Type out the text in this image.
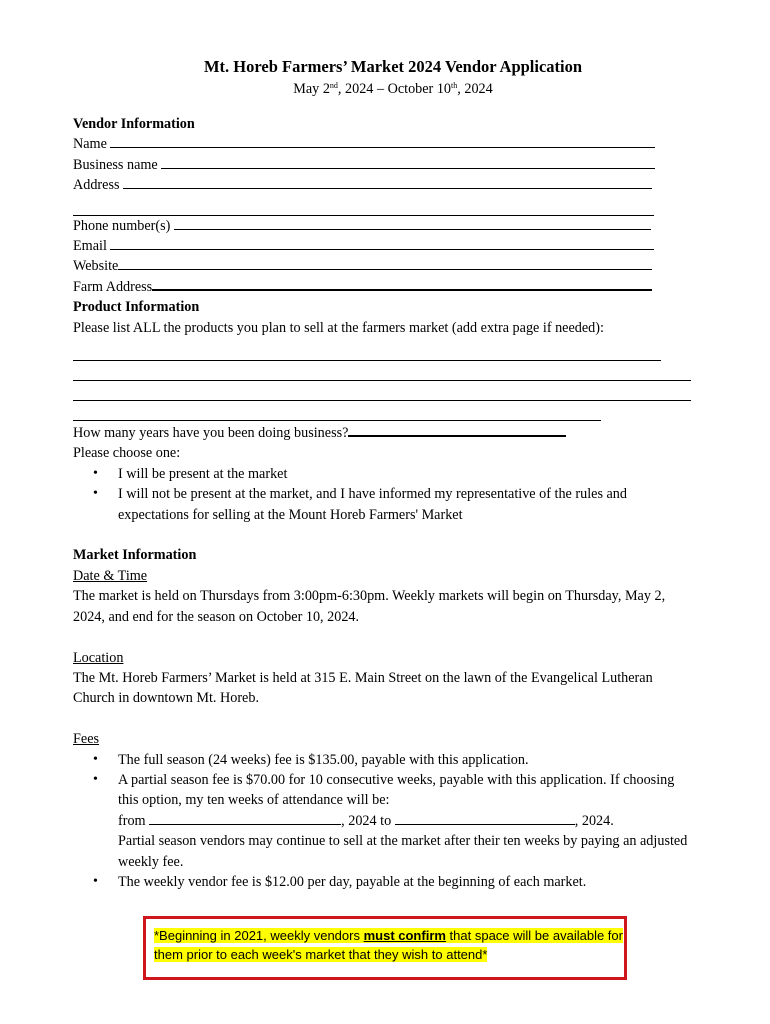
Mt. Horeb Farmers’ Market 2024 Vendor Application
May 2nd, 2024 – October 10th, 2024
Vendor Information
Name
Business name
Address
Phone number(s)
Email
Website
Farm Address
Product Information
Please list ALL the products you plan to sell at the farmers market (add extra page if needed):
How many years have you been doing business?
Please choose one:
• I will be present at the market
• I will not be present at the market, and I have informed my representative of the rules and expectations for selling at the Mount Horeb Farmers' Market
Market Information
Date & Time
The market is held on Thursdays from 3:00pm-6:30pm. Weekly markets will begin on Thursday, May 2, 2024, and end for the season on October 10, 2024.
Location
The Mt. Horeb Farmers’ Market is held at 315 E. Main Street on the lawn of the Evangelical Lutheran Church in downtown Mt. Horeb.
Fees
• The full season (24 weeks) fee is $135.00, payable with this application.
• A partial season fee is $70.00 for 10 consecutive weeks, payable with this application. If choosing this option, my ten weeks of attendance will be:
from	, 2024 to	, 2024.
Partial season vendors may continue to sell at the market after their ten weeks by paying an adjusted weekly fee.
• The weekly vendor fee is $12.00 per day, payable at the beginning of each market.

*Beginning in 2021, weekly vendors must confirm that space will be available for them prior to each week's market that they wish to attend*
